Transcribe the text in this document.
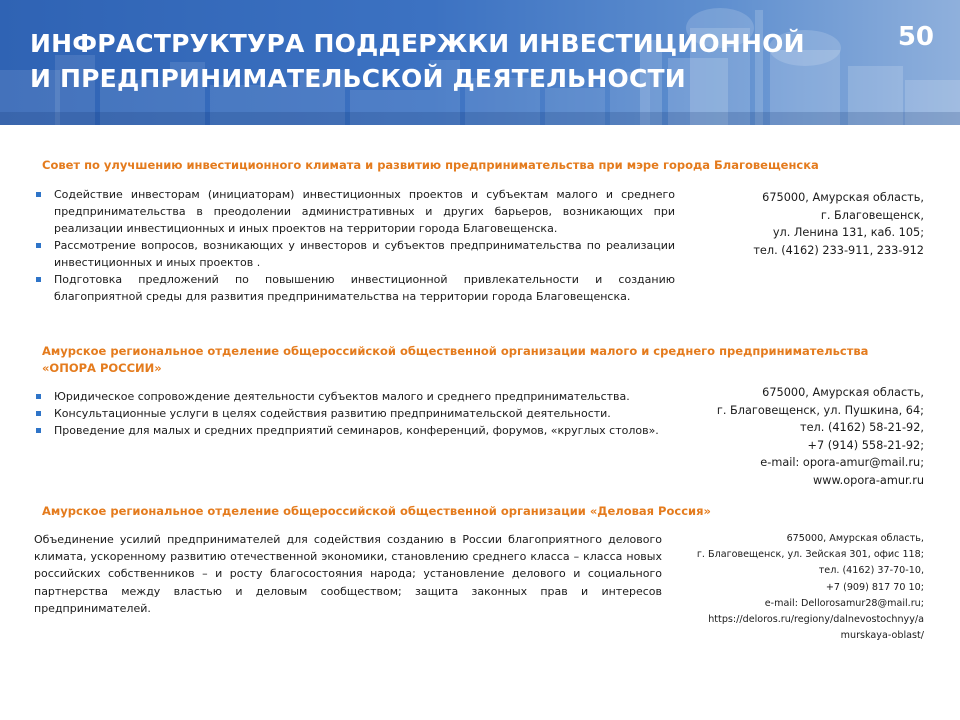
ИНФРАСТРУКТУРА ПОДДЕРЖКИ ИНВЕСТИЦИОННОЙ
И ПРЕДПРИНИМАТЕЛЬСКОЙ ДЕЯТЕЛЬНОСТИ
50
Совет по улучшению инвестиционного климата и развитию предпринимательства при мэре города Благовещенска
Содействие инвесторам (инициаторам) инвестиционных проектов и субъектам малого и среднего предпринимательства в преодолении административных и других барьеров, возникающих при реализации инвестиционных и иных проектов на территории города Благовещенска.
Рассмотрение вопросов, возникающих у инвесторов и субъектов предпринимательства по реализации инвестиционных и иных проектов .
Подготовка предложений по повышению инвестиционной привлекательности и созданию благоприятной среды для развития предпринимательства на территории города Благовещенска.
675000, Амурская область,
г. Благовещенск,
ул. Ленина 131, каб. 105;
тел. (4162) 233-911, 233-912
Амурское региональное отделение общероссийской общественной организации малого и среднего предпринимательства
«ОПОРА РОССИИ»
Юридическое сопровождение деятельности субъектов малого и среднего предпринимательства.
Консультационные услуги в целях содействия развитию предпринимательской деятельности.
Проведение для малых и средних предприятий семинаров, конференций, форумов, «круглых столов».
675000, Амурская область,
г. Благовещенск, ул. Пушкина, 64;
тел. (4162) 58-21-92,
+7 (914) 558-21-92;
e-mail: opora-amur@mail.ru;
www.opora-amur.ru
Амурское региональное отделение общероссийской общественной организации «Деловая Россия»

Объединение усилий предпринимателей для содействия созданию в России благоприятного делового климата, ускоренному развитию отечественной экономики, становлению среднего класса – класса новых российских собственников – и росту благосостояния народа; установление делового и социального партнерства между властью и деловым сообществом; защита законных прав и интересов предпринимателей.

675000, Амурская область,
г. Благовещенск, ул. Зейская 301, офис 118;
тел. (4162) 37-70-10,
+7 (909) 817 70 10;
e-mail: Dellorosamur28@mail.ru;
https://deloros.ru/regiony/dalnevostochnyy/a
murskaya-oblast/
